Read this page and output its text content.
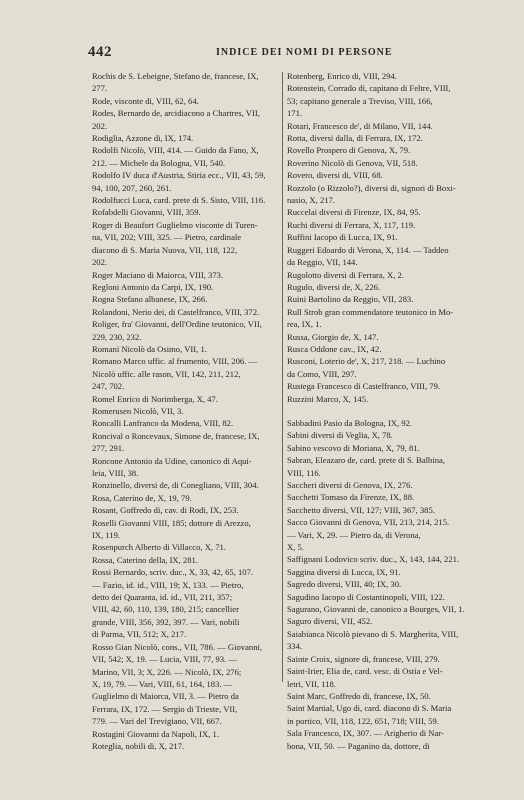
442	INDICE DEI NOMI DI PERSONE
Rochis de S. Lebeigne, Stefano de, francese, IX,
277.
Rode, visconte di, VIII, 62, 64.
Rodes, Bernardo de, arcidiacono a Chartres, VII,
202.
Rodiglia, Azzone di, IX, 174.
Rodolfi Nicolò, VIII, 414. — Guido da Fano, X,
212. — Michele da Bologna, VII, 540.
Rodolfo IV duca d'Austria, Stiria ecc., VII, 43, 59,
94, 100, 207, 260, 261.
Rodolfucci Luca, card. prete di S. Sisto, VIII, 116.
Rofabdelli Giovanni, VIII, 359.
Roger di Beaufort Guglielmo visconte di Turen-
na, VII, 202; VIII, 325. — Pietro, cardinale
diacono di S. Maria Nuova, VII, 118, 122,
202.
Roger Maciano di Maiorca, VIII, 373.
Regloni Antonio da Carpi, IX, 190.
Rogna Stefano albanese, IX, 266.
Rolandoni, Nerio dei, di Castelfranco, VIII, 372.
Roliger, fra' Giovanni, dell'Ordine teutonico, VII,
229, 230, 232.
Romani Nicolò da Osimo, VII, 1.
Romano Marco uffic. al frumento, VIII, 206. —
Nicolò uffic. alle rason, VII, 142, 211, 212,
247, 702.
Romel Enrico di Norimberga, X, 47.
Romerusen Nicolò, VII, 3.
Roncalli Lanfranco da Modena, VIII, 82.
Roncival o Roncevaux, Simone de, francese, IX,
277, 291.
Roncone Antonio da Udine, canonico di Aqui-
leia, VIII, 38.
Ronzinello, diversi de, di Conegliano, VIII, 304.
Rosa, Caterino de, X, 19, 79.
Rosant, Goffredo di, cav. di Rodi, IX, 253.
Roselli Giovanni VIII, 185; dottore di Arezzo,
IX, 119.
Rosenpurch Alberto di Villacco, X, 71.
Rossa, Caterino della, IX, 281.
Rossi Bernardo, scriv. duc., X, 33, 42, 65, 107.
— Fazio, id. id., VIII, 19; X, 133. — Pietro,
detto dei Quaranta, id. id., VII, 211, 357;
VIII, 42, 60, 110, 139, 180, 215; cancellier
grande, VIII, 356, 392, 397. — Vari, nobili
di Parma, VII, 512; X, 217.
Rosso Gian Nicolò, cons., VII, 786. — Giovanni,
VII, 542; X, 19. — Lucia, VIII, 77, 93. —
Marino, VII, 3; X, 226. — Nicolò, IX, 276;
X, 19, 79. — Vari, VIII, 61, 164, 183. —
Guglielmo di Maiorca, VII, 3. — Pietro da
Ferrara, IX, 172. — Sergio di Trieste, VII,
779. — Vari del Trevigiano, VII, 667.
Rostagini Giovanni da Napoli, IX, 1.
Roteglia, nobili di, X, 217.
Rotenberg, Enrico di, VIII, 294.
Rotenstein, Corrado di, capitano di Feltre, VIII,
53; capitano generale a Treviso, VIII, 166,
171.
Rotari, Francesco de', di Milano, VII, 144.
Rotta, diversi dalla, di Ferrara, IX, 172.
Rovello Prospero di Genova, X, 79.
Roverino Nicolò di Genova, VII, 518.
Rovero, diversi di, VIII, 68.
Rozzolo (o Rizzolo?), diversi di, signori di Boxi-
nasio, X, 217.
Ruccelai diversi di Firenze, IX, 84, 95.
Ruchi diversi di Ferrara, X, 117, 119.
Ruffini Iacopo di Lucca, IX, 91.
Ruggeri Edoardo di Verona, X, 114. — Taddeo
da Reggio, VII, 144.
Rugolotto diversi di Ferrara, X, 2.
Rugulo, diversi de, X, 226.
Ruini Bartolino da Reggio, VII, 283.
Rull Strob gran commendatore teutonico in Mo-
rea, IX, 1.
Russa, Giorgio de, X, 147.
Rusca Oddone cav., IX, 42.
Rusconi, Loterio de', X, 217, 218. — Luchino
da Como, VIII, 297.
Rustega Francesco di Castelfranco, VIII, 79.
Ruzzini Marco, X, 145.
Sabbadini Pasio da Bologna, IX, 92.
Sabini diversi di Veglia, X, 78.
Sabino vescovo di Moriana, X, 79, 81.
Sabran, Eleazaro de, card. prete di S. Balbina,
VIII, 116.
Saccheri diversi di Genova, IX, 276.
Sacchetti Tomaso da Firenze, IX, 88.
Sacchetto diversi, VII, 127; VIII, 367, 385.
Sacco Giovanni di Genova, VII, 213, 214, 215.
— Vari, X, 29. — Pietro da, di Verona,
X, 5.
Saffignani Lodovico scriv. duc., X, 143, 144, 221.
Saggina diversi di Lucca, IX, 91.
Sagredo diversi, VIII, 40; IX, 30.
Sagudino Iacopo di Costantinopoli, VIII, 122.
Sagurano, Giovanni de, canonico a Bourges, VII, 1.
Saguro diversi, VII, 452.
Saiabianca Nicolò pievano di S. Margherita, VIII,
334.
Sainte Croix, signore di, francese, VIII, 279.
Saint-Irier, Elia de, card. vesc. di Ostia e Vel-
letri, VII, 118.
Saint Marc, Goffredo di, francese, IX, 50.
Saint Martial, Ugo di, card. diacono di S. Maria
in portico, VII, 118, 122, 651, 718; VIII, 59.
Sala Francesco, IX, 307. — Arigherio di Nar-
bona, VII, 50. — Paganino da, dottore, di
